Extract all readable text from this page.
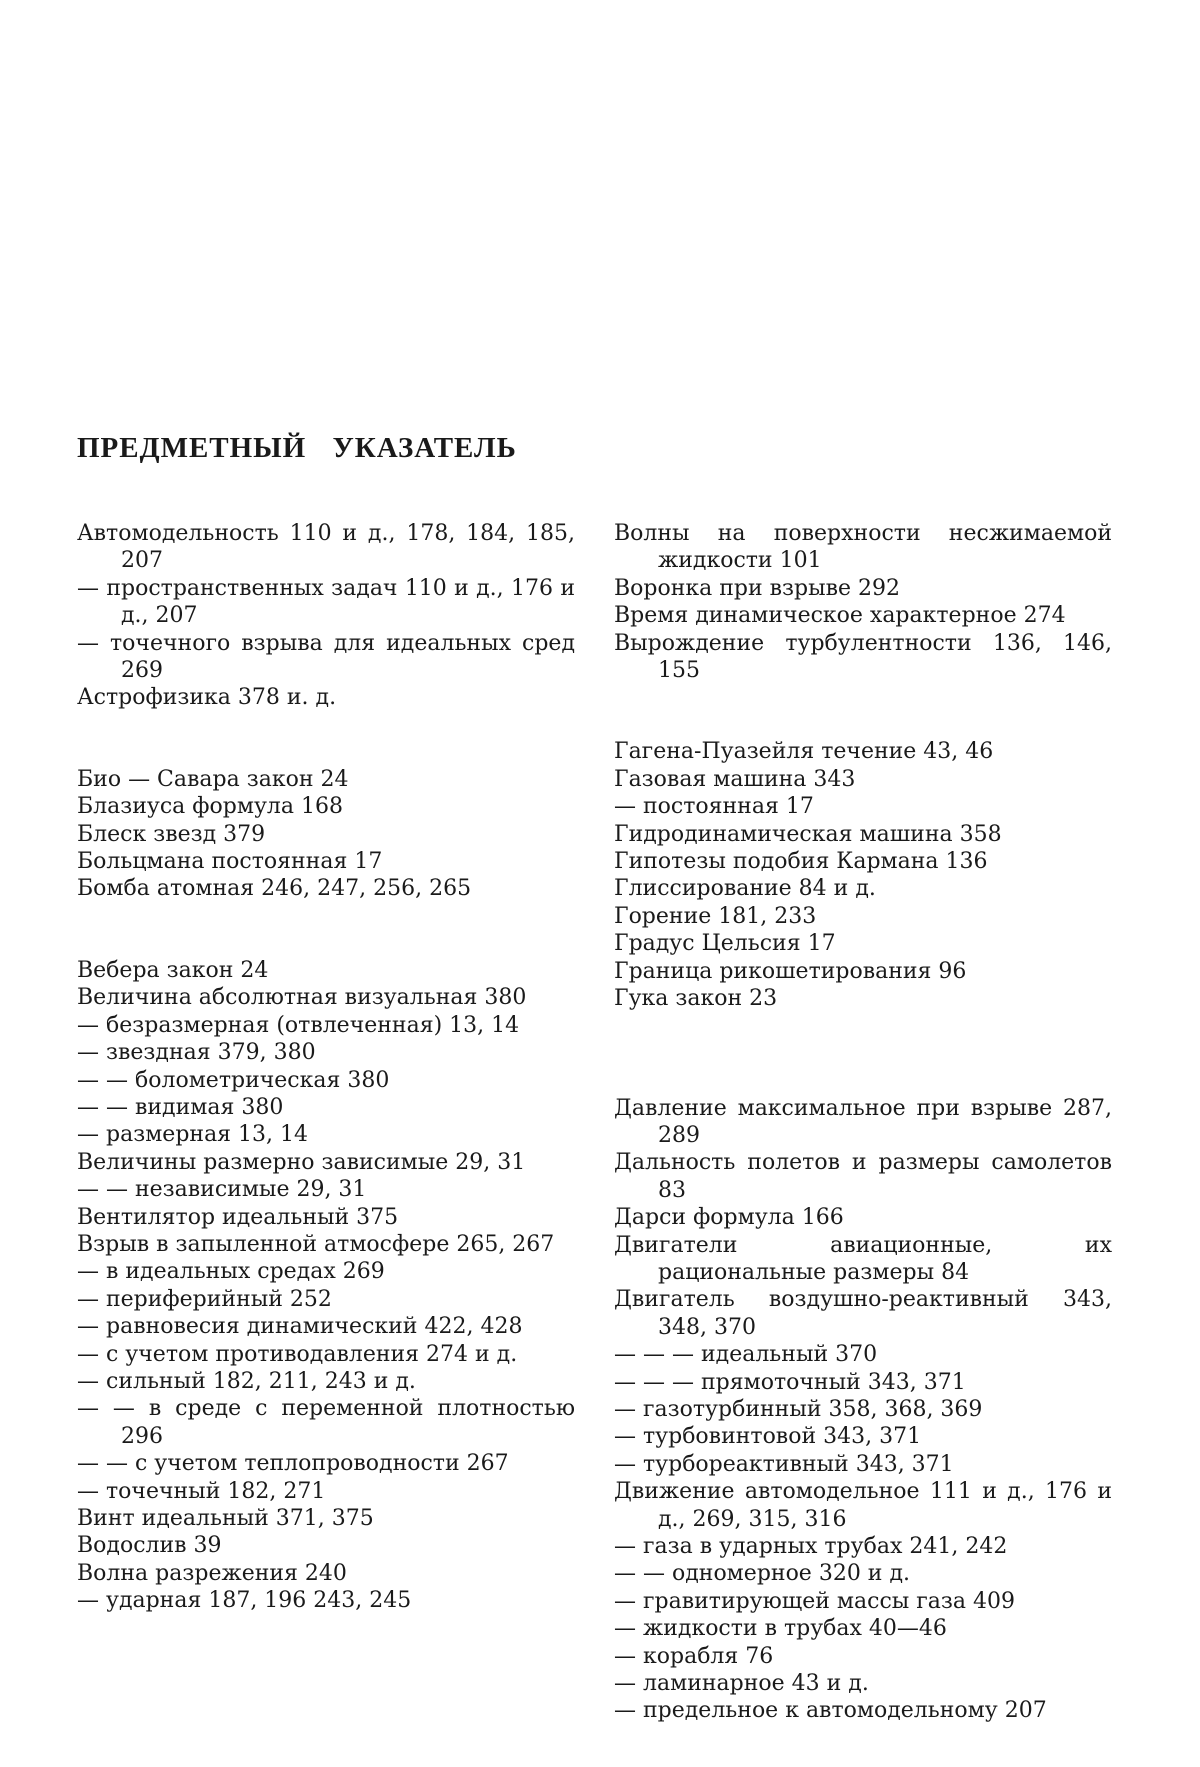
ПРЕДМЕТНЫЙ УКАЗАТЕЛЬ
Автомодельность 110 и д., 178, 184, 185, 207
— пространственных задач 110 и д., 176 и д., 207
— точечного взрыва для идеальных сред 269
Астрофизика 378 и. д.
Био — Савара закон 24
Блазиуса формула 168
Блеск звезд 379
Больцмана постоянная 17
Бомба атомная 246, 247, 256, 265
Вебера закон 24
Величина абсолютная визуальная 380
— безразмерная (отвлеченная) 13, 14
— звездная 379, 380
— — болометрическая 380
— — видимая 380
— размерная 13, 14
Величины размерно зависимые 29, 31
— — независимые 29, 31
Вентилятор идеальный 375
Взрыв в запыленной атмосфере 265, 267
— в идеальных средах 269
— периферийный 252
— равновесия динамический 422, 428
— с учетом противодавления 274 и д.
— сильный 182, 211, 243 и д.
— — в среде с переменной плотностью 296
— — с учетом теплопроводности 267
— точечный 182, 271
Винт идеальный 371, 375
Водослив 39
Волна разрежения 240
— ударная 187, 196 243, 245
Волны на поверхности несжимаемой жидкости 101
Воронка при взрыве 292
Время динамическое характерное 274
Вырождение турбулентности 136, 146, 155
Гагена-Пуазейля течение 43, 46
Газовая машина 343
— постоянная 17
Гидродинамическая машина 358
Гипотезы подобия Кармана 136
Глиссирование 84 и д.
Горение 181, 233
Градус Цельсия 17
Граница рикошетирования 96
Гука закон 23
Давление максимальное при взрыве 287, 289
Дальность полетов и размеры самолетов 83
Дарси формула 166
Двигатели авиационные, их рациональные размеры 84
Двигатель воздушно-реактивный 343, 348, 370
— — — идеальный 370
— — — прямоточный 343, 371
— газотурбинный 358, 368, 369
— турбовинтовой 343, 371
— турбореактивный 343, 371
Движение автомодельное 111 и д., 176 и д., 269, 315, 316
— газа в ударных трубах 241, 242
— — одномерное 320 и д.
— гравитирующей массы газа 409
— жидкости в трубах 40—46
— корабля 76
— ламинарное 43 и д.
— предельное к автомодельному 207
